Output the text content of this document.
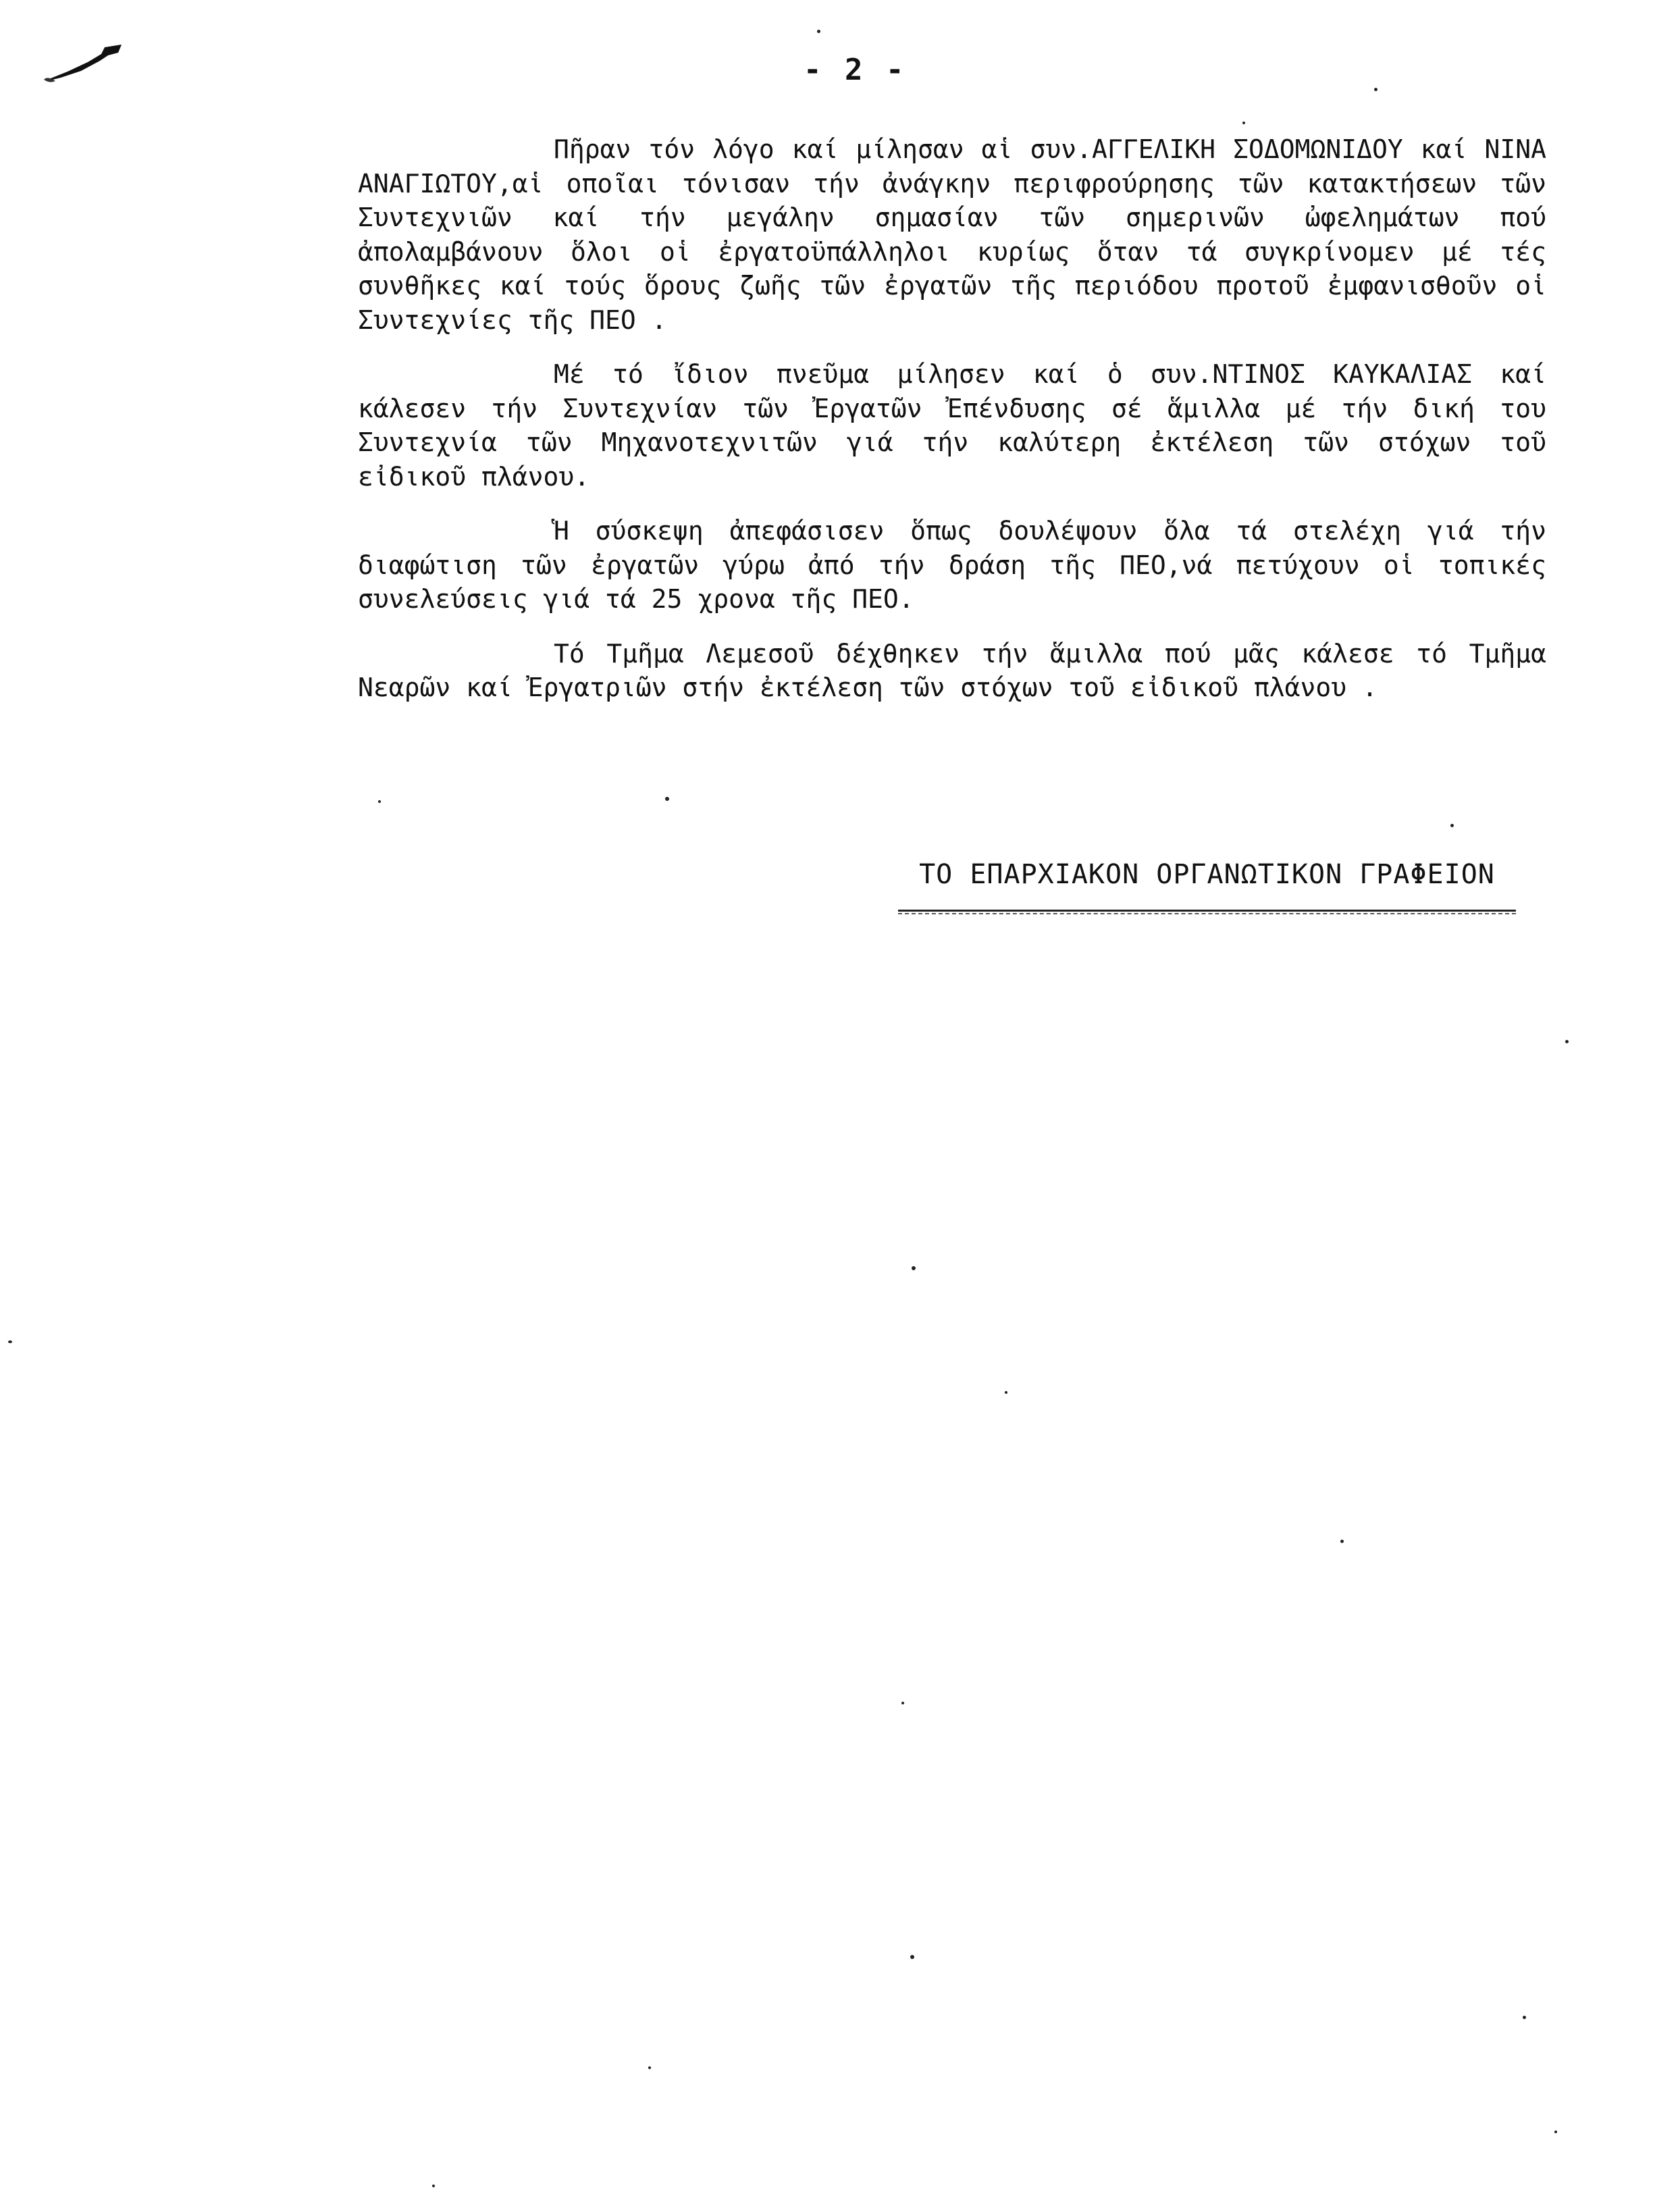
- 2 -

Πῆραν τόν λόγο καί μίλησαν αἱ συν.ΑΓΓΕΛΙΚΗ ΣΟΔΟΜΩΝΙΔΟΥ καί ΝΙΝΑ ΑΝΑΓΙΩΤΟΥ,αἱ οποῖαι τόνισαν τήν ἀνάγκην περιφρούρησης τῶν κατακτήσεων τῶν Συντεχνιῶν καί τήν μεγάλην σημασίαν τῶν σημερινῶν ὠφελημάτων πού ἀπολαμβάνουν ὅλοι οἱ ἐργατοϋπάλληλοι κυρίως ὅταν τά συγκρίνομεν μέ τές συνθῆκες καί τούς ὅρους ζωῆς τῶν ἐργατῶν τῆς περιόδου προτοῦ ἐμφανισθοῦν οἱ Συντεχνίες τῆς ΠΕΟ .

Μέ τό ἴδιον πνεῦμα μίλησεν καί ὁ συν.ΝΤΙΝΟΣ ΚΑΥΚΑΛΙΑΣ καί κάλεσεν τήν Συντεχνίαν τῶν Ἐργατῶν Ἐπένδυσης σέ ἅμιλλα μέ τήν δική του Συντεχνία τῶν Μηχανοτεχνιτῶν γιά τήν καλύτερη ἐκτέλεση τῶν στόχων τοῦ εἰδικοῦ πλάνου.

Ἡ σύσκεψη ἀπεφάσισεν ὅπως δουλέψουν ὅλα τά στελέχη γιά τήν διαφώτιση τῶν ἐργατῶν γύρω ἀπό τήν δράση τῆς ΠΕΟ,νά πετύχουν οἱ τοπικές συνελεύσεις γιά τά 25 χρονα τῆς ΠΕΟ.

Τό Τμῆμα Λεμεσοῦ δέχθηκεν τήν ἅμιλλα πού μᾶς κάλεσε τό Τμῆμα Νεαρῶν καί Ἐργατριῶν στήν ἐκτέλεση τῶν στόχων τοῦ εἰδικοῦ πλάνου .

ΤΟ ΕΠΑΡΧΙΑΚΟΝ ΟΡΓΑΝΩΤΙΚΟΝ ΓΡΑΦΕΙΟΝ
